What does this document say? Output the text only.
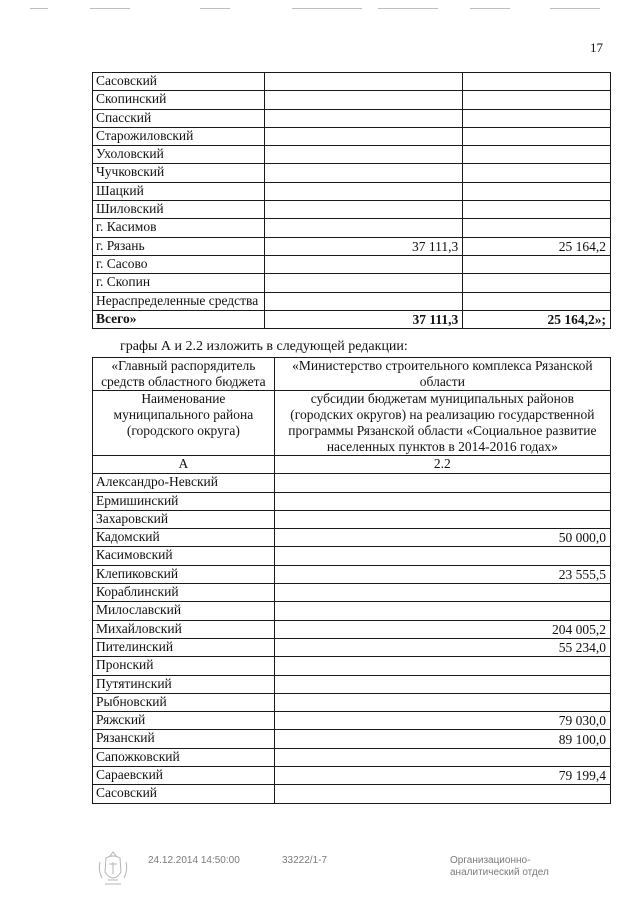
17
Сасовский		
Скопинский		
Спасский		
Старожиловский		
Ухоловский		
Чучковский		
Шацкий		
Шиловский		
г. Касимов		
г. Рязань	37 111,3	25 164,2
г. Сасово		
г. Скопин		
Нераспределенные средства		
Всего»	37 111,3	25 164,2»;
графы А и 2.2 изложить в следующей редакции:
«Главный распорядитель средств областного бюджета	«Министерство строительного комплекса Рязанской области
Наименование муниципального района (городского округа)	субсидии бюджетам муниципальных районов (городских округов) на реализацию государственной программы Рязанской области «Социальное развитие населенных пунктов в 2014-2016 годах»
А	2.2
Александро-Невский	
Ермишинский	
Захаровский	
Кадомский	50 000,0
Касимовский	
Клепиковский	23 555,5
Кораблинский	
Милославский	
Михайловский	204 005,2
Пителинский	55 234,0
Пронский	
Путятинский	
Рыбновский	
Ряжский	79 030,0
Рязанский	89 100,0
Сапожковский	
Сараевский	79 199,4
Сасовский	
24.12.2014 14:50:00	33222/1-7	Организационно-аналитический отдел
